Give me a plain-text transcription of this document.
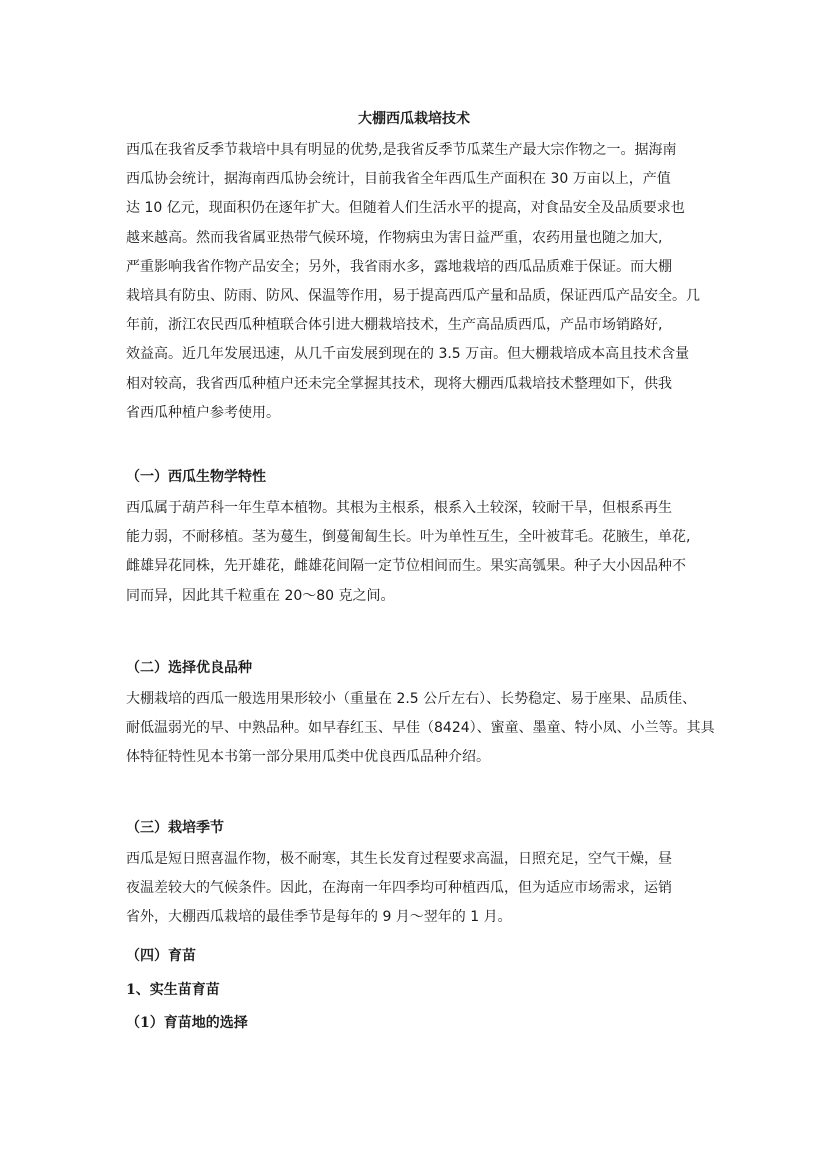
大棚西瓜栽培技术
西瓜在我省反季节栽培中具有明显的优势,是我省反季节瓜菜生产最大宗作物之一。据海南
西瓜协会统计，据海南西瓜协会统计，目前我省全年西瓜生产面积在 30 万亩以上，产值
达 10 亿元，现面积仍在逐年扩大。但随着人们生活水平的提高，对食品安全及品质要求也
越来越高。然而我省属亚热带气候环境，作物病虫为害日益严重，农药用量也随之加大,
严重影响我省作物产品安全；另外，我省雨水多，露地栽培的西瓜品质难于保证。而大棚
栽培具有防虫、防雨、防风、保温等作用，易于提高西瓜产量和品质，保证西瓜产品安全。几
年前，浙江农民西瓜种植联合体引进大棚栽培技术，生产高品质西瓜，产品市场销路好,
效益高。近几年发展迅速，从几千亩发展到现在的 3.5 万亩。但大棚栽培成本高且技术含量
相对较高，我省西瓜种植户还未完全掌握其技术，现将大棚西瓜栽培技术整理如下，供我
省西瓜种植户参考使用。
（一）西瓜生物学特性
西瓜属于葫芦科一年生草本植物。其根为主根系，根系入土较深，较耐干旱，但根系再生
能力弱，不耐移植。茎为蔓生，倒蔓匍匐生长。叶为单性互生，全叶被茸毛。花腋生，单花,
雌雄异花同株，先开雄花，雌雄花间隔一定节位相间而生。果实高瓠果。种子大小因品种不
同而异，因此其千粒重在 20～80 克之间。
（二）选择优良品种
大棚栽培的西瓜一般选用果形较小（重量在 2.5 公斤左右）、长势稳定、易于座果、品质佳、
耐低温弱光的早、中熟品种。如早春红玉、早佳（8424）、蜜童、墨童、特小凤、小兰等。其具
体特征特性见本书第一部分果用瓜类中优良西瓜品种介绍。
（三）栽培季节
西瓜是短日照喜温作物，极不耐寒，其生长发育过程要求高温，日照充足，空气干燥，昼
夜温差较大的气候条件。因此，在海南一年四季均可种植西瓜，但为适应市场需求，运销
省外，大棚西瓜栽培的最佳季节是每年的 9 月～翌年的 1 月。
（四）育苗
1、实生苗育苗
（1）育苗地的选择
